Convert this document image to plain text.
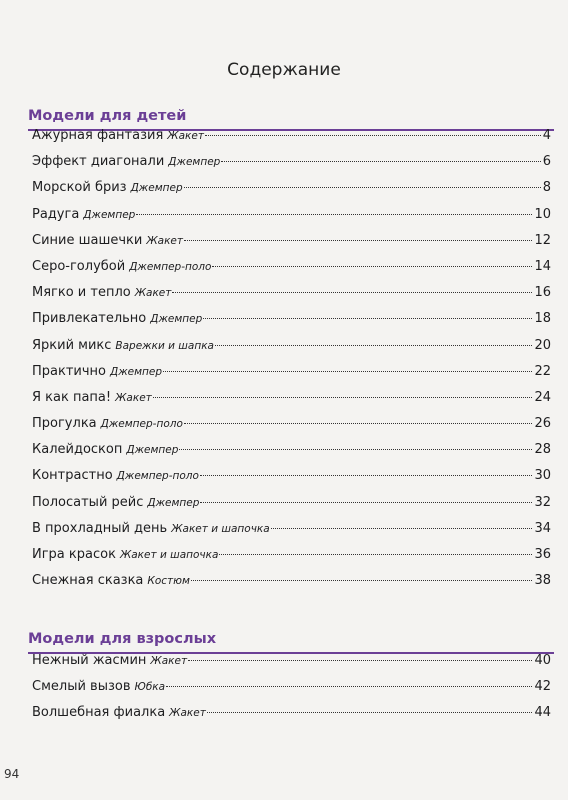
Содержание
Модели для детей
Ажурная фантазия Жакет	4
Эффект диагонали Джемпер	6
Морской бриз Джемпер	8
Радуга Джемпер	10
Синие шашечки Жакет	12
Серо-голубой Джемпер-поло	14
Мягко и тепло Жакет	16
Привлекательно Джемпер	18
Яркий микс Варежки и шапка	20
Практично Джемпер	22
Я как папа! Жакет	24
Прогулка Джемпер-поло	26
Калейдоскоп Джемпер	28
Контрастно Джемпер-поло	30
Полосатый рейс Джемпер	32
В прохладный день Жакет и шапочка	34
Игра красок Жакет и шапочка	36
Снежная сказка Костюм	38
Модели для взрослых
Нежный жасмин Жакет	40
Смелый вызов Юбка	42
Волшебная фиалка Жакет	44
94
